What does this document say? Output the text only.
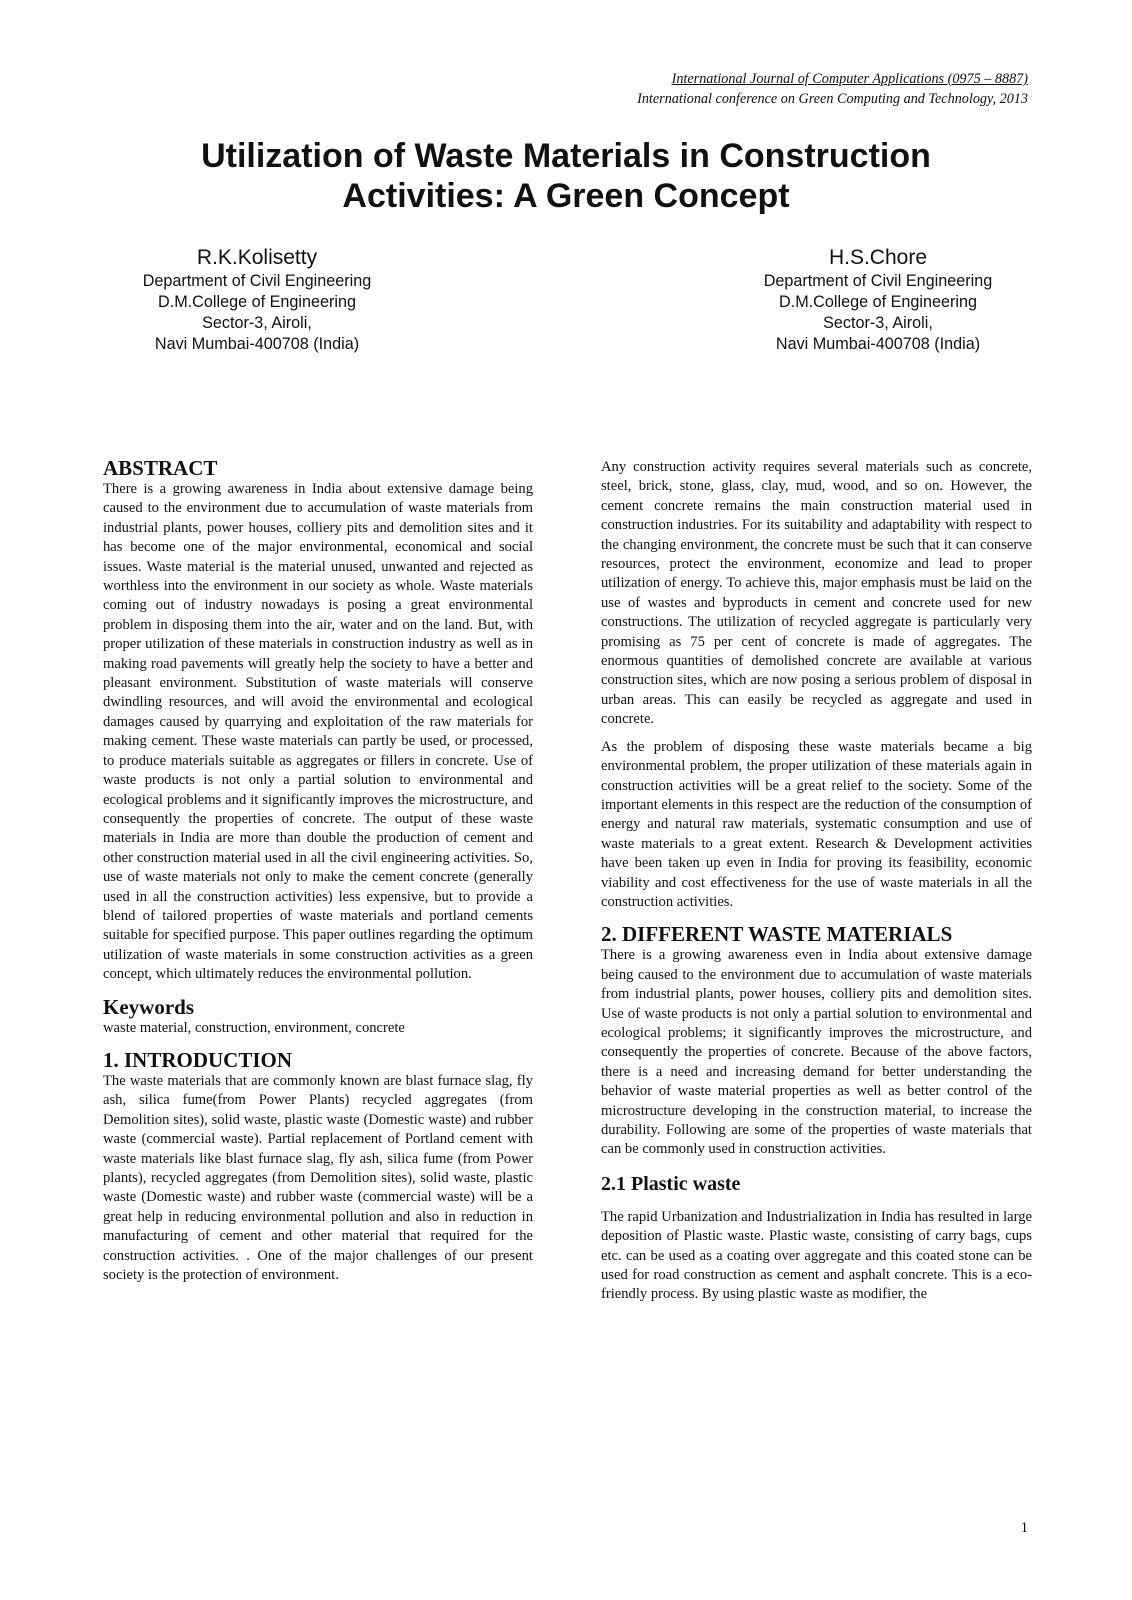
International Journal of Computer Applications (0975 – 8887)
International conference on Green Computing and Technology, 2013
Utilization of Waste Materials in Construction
Activities: A Green Concept
R.K.Kolisetty
Department of Civil Engineering
D.M.College of Engineering
Sector-3, Airoli,
Navi Mumbai-400708 (India)
H.S.Chore
Department of Civil Engineering
D.M.College of Engineering
Sector-3, Airoli,
Navi Mumbai-400708 (India)
ABSTRACT

There is a growing awareness in India about extensive damage being caused to the environment due to accumulation of waste materials from industrial plants, power houses, colliery pits and demolition sites and it has become one of the major environmental, economical and social issues. Waste material is the material unused, unwanted and rejected as worthless into the environment in our society as whole. Waste materials coming out of industry nowadays is posing a great environmental problem in disposing them into the air, water and on the land. But, with proper utilization of these materials in construction industry as well as in making road pavements will greatly help the society to have a better and pleasant environment. Substitution of waste materials will conserve dwindling resources, and will avoid the environmental and ecological damages caused by quarrying and exploitation of the raw materials for making cement. These waste materials can partly be used, or processed, to produce materials suitable as aggregates or fillers in concrete. Use of waste products is not only a partial solution to environmental and ecological problems and it significantly improves the microstructure, and consequently the properties of concrete. The output of these waste materials in India are more than double the production of cement and other construction material used in all the civil engineering activities. So, use of waste materials not only to make the cement concrete (generally used in all the construction activities) less expensive, but to provide a blend of tailored properties of waste materials and portland cements suitable for specified purpose. This paper outlines regarding the optimum utilization of waste materials in some construction activities as a green concept, which ultimately reduces the environmental pollution.

Keywords

waste material, construction, environment, concrete

1. INTRODUCTION

The waste materials that are commonly known are blast furnace slag, fly ash, silica fume(from Power Plants) recycled aggregates (from Demolition sites), solid waste, plastic waste (Domestic waste) and rubber waste (commercial waste). Partial replacement of Portland cement with waste materials like blast furnace slag, fly ash, silica fume (from Power plants), recycled aggregates (from Demolition sites), solid waste, plastic waste (Domestic waste) and rubber waste (commercial waste) will be a great help in reducing environmental pollution and also in reduction in manufacturing of cement and other material that required for the construction activities. . One of the major challenges of our present society is the protection of environment.

Any construction activity requires several materials such as concrete, steel, brick, stone, glass, clay, mud, wood, and so on. However, the cement concrete remains the main construction material used in construction industries. For its suitability and adaptability with respect to the changing environment, the concrete must be such that it can conserve resources, protect the environment, economize and lead to proper utilization of energy. To achieve this, major emphasis must be laid on the use of wastes and byproducts in cement and concrete used for new constructions. The utilization of recycled aggregate is particularly very promising as 75 per cent of concrete is made of aggregates. The enormous quantities of demolished concrete are available at various construction sites, which are now posing a serious problem of disposal in urban areas. This can easily be recycled as aggregate and used in concrete.

As the problem of disposing these waste materials became a big environmental problem, the proper utilization of these materials again in construction activities will be a great relief to the society. Some of the important elements in this respect are the reduction of the consumption of energy and natural raw materials, systematic consumption and use of waste materials to a great extent. Research & Development activities have been taken up even in India for proving its feasibility, economic viability and cost effectiveness for the use of waste materials in all the construction activities.

2. DIFFERENT WASTE MATERIALS

There is a growing awareness even in India about extensive damage being caused to the environment due to accumulation of waste materials from industrial plants, power houses, colliery pits and demolition sites. Use of waste products is not only a partial solution to environmental and ecological problems; it significantly improves the microstructure, and consequently the properties of concrete. Because of the above factors, there is a need and increasing demand for better understanding the behavior of waste material properties as well as better control of the microstructure developing in the construction material, to increase the durability. Following are some of the properties of waste materials that can be commonly used in construction activities.

2.1 Plastic waste

The rapid Urbanization and Industrialization in India has resulted in large deposition of Plastic waste. Plastic waste, consisting of carry bags, cups etc. can be used as a coating over aggregate and this coated stone can be used for road construction as cement and asphalt concrete. This is a eco-friendly process. By using plastic waste as modifier, the

1
